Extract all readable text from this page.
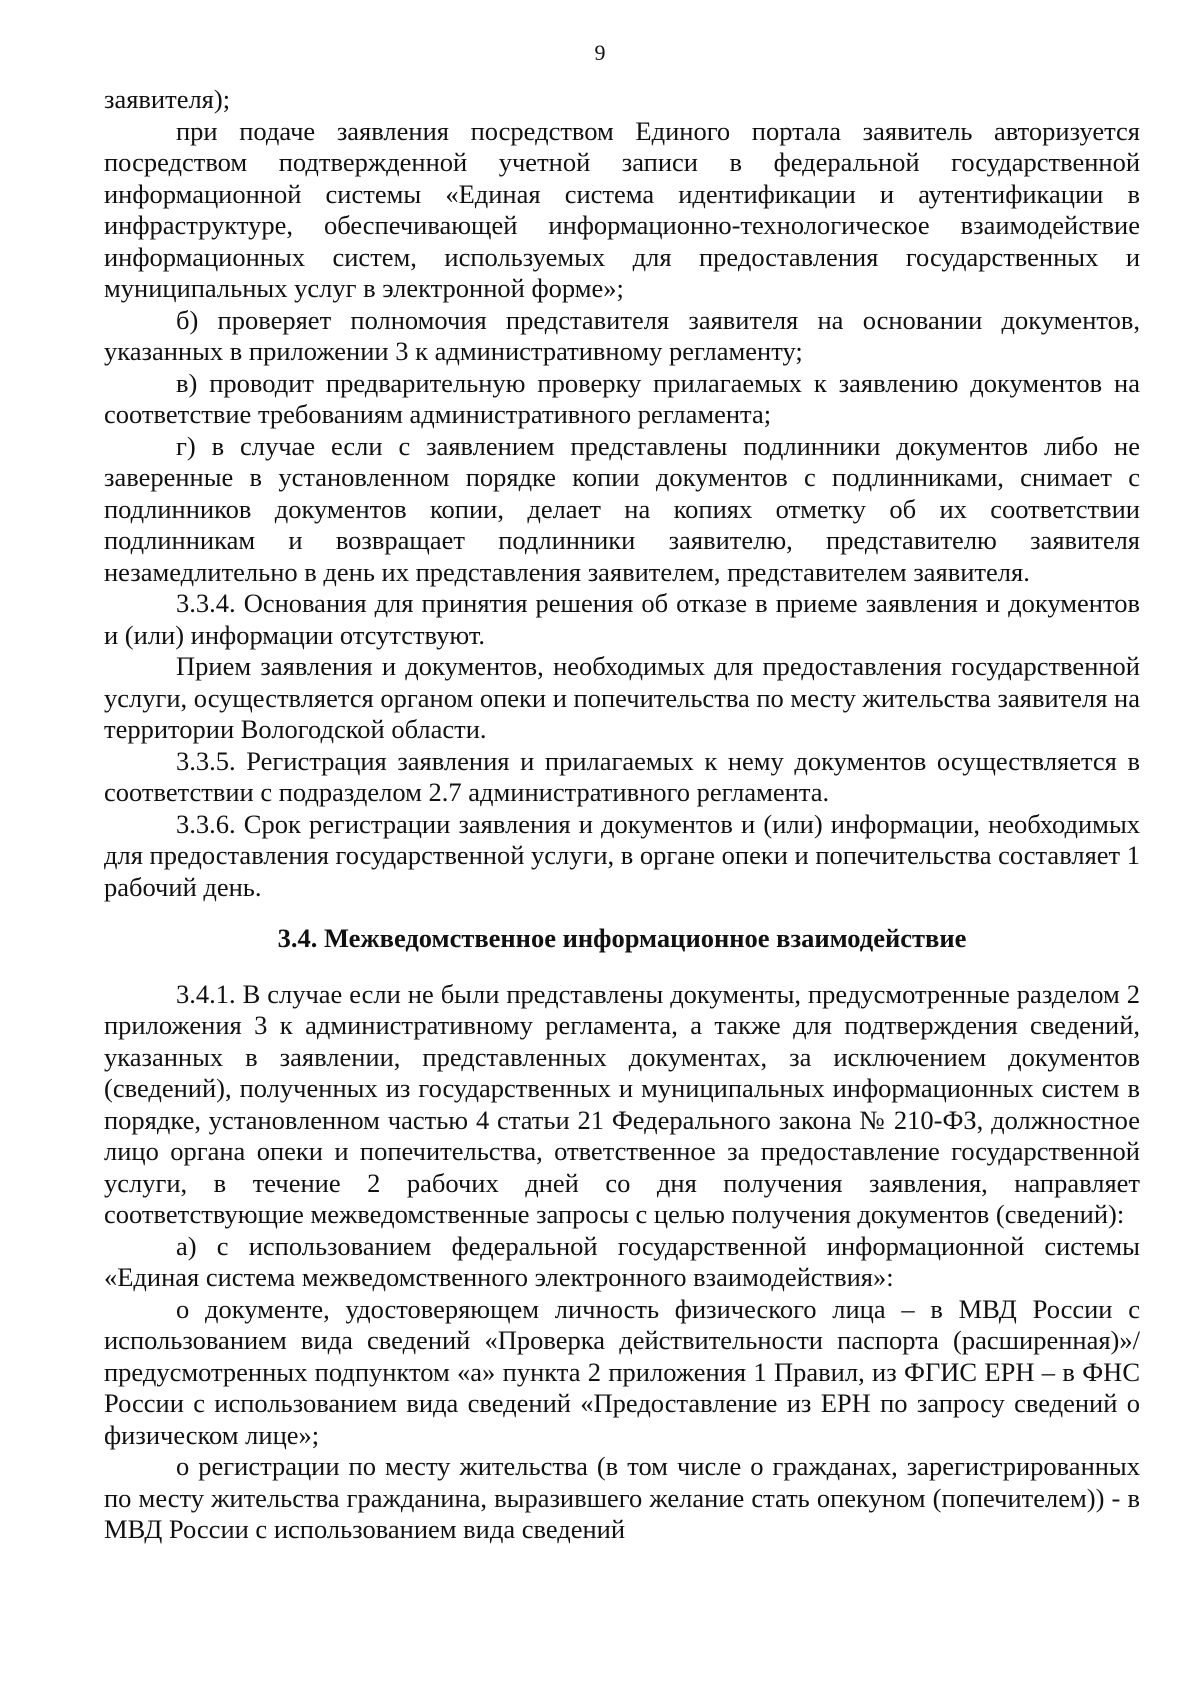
9

заявителя);

при подаче заявления посредством Единого портала заявитель авторизуется посредством подтвержденной учетной записи в федеральной государственной информационной системы «Единая система идентификации и аутентификации в инфраструктуре, обеспечивающей информационно-технологическое взаимодействие информационных систем, используемых для предоставления государственных и муниципальных услуг в электронной форме»;

б) проверяет полномочия представителя заявителя на основании документов, указанных в приложении 3 к административному регламенту;

в) проводит предварительную проверку прилагаемых к заявлению документов на соответствие требованиям административного регламента;

г) в случае если с заявлением представлены подлинники документов либо не заверенные в установленном порядке копии документов с подлинниками, снимает с подлинников документов копии, делает на копиях отметку об их соответствии подлинникам и возвращает подлинники заявителю, представителю заявителя незамедлительно в день их представления заявителем, представителем заявителя.

3.3.4. Основания для принятия решения об отказе в приеме заявления и документов и (или) информации отсутствуют.

Прием заявления и документов, необходимых для предоставления государственной услуги, осуществляется органом опеки и попечительства по месту жительства заявителя на территории Вологодской области.

3.3.5. Регистрация заявления и прилагаемых к нему документов осуществляется в соответствии с подразделом 2.7 административного регламента.

3.3.6. Срок регистрации заявления и документов и (или) информации, необходимых для предоставления государственной услуги, в органе опеки и попечительства составляет 1 рабочий день.

3.4. Межведомственное информационное взаимодействие

3.4.1. В случае если не были представлены документы, предусмотренные разделом 2 приложения 3 к административному регламента, а также для подтверждения сведений, указанных в заявлении, представленных документах, за исключением документов (сведений), полученных из государственных и муниципальных информационных систем в порядке, установленном частью 4 статьи 21 Федерального закона № 210-ФЗ, должностное лицо органа опеки и попечительства, ответственное за предоставление государственной услуги, в течение 2 рабочих дней со дня получения заявления, направляет соответствующие межведомственные запросы с целью получения документов (сведений):

а) с использованием федеральной государственной информационной системы «Единая система межведомственного электронного взаимодействия»:

о документе, удостоверяющем личность физического лица – в МВД России с использованием вида сведений «Проверка действительности паспорта (расширенная)»/предусмотренных подпунктом «а» пункта 2 приложения 1 Правил, из ФГИС ЕРН – в ФНС России с использованием вида сведений «Предоставление из ЕРН по запросу сведений о физическом лице»;

о регистрации по месту жительства (в том числе о гражданах, зарегистрированных по месту жительства гражданина, выразившего желание стать опекуном (попечителем)) - в МВД России с использованием вида сведений
